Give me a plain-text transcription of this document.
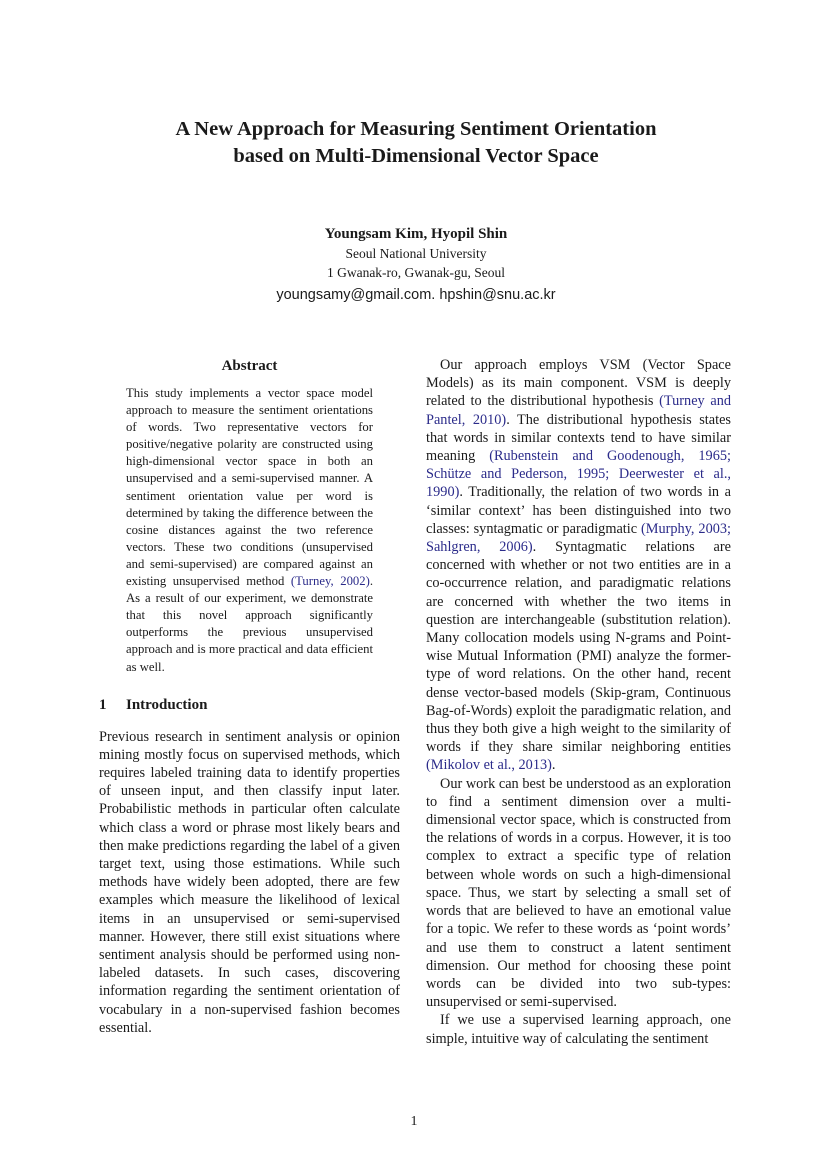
A New Approach for Measuring Sentiment Orientation
based on Multi-Dimensional Vector Space
Youngsam Kim, Hyopil Shin
Seoul National University
1 Gwanak-ro, Gwanak-gu, Seoul
youngsamy@gmail.com. hpshin@snu.ac.kr
Abstract

This study implements a vector space model approach to measure the sentiment orientations of words. Two representative vectors for positive/negative polarity are constructed using high-dimensional vector space in both an unsupervised and a semi-supervised manner. A sentiment orientation value per word is determined by taking the difference between the cosine distances against the two reference vectors. These two conditions (unsupervised and semi-supervised) are compared against an existing unsupervised method (Turney, 2002). As a result of our experiment, we demonstrate that this novel approach significantly outperforms the previous unsupervised approach and is more practical and data efficient as well.

1 Introduction

Previous research in sentiment analysis or opinion mining mostly focus on supervised methods, which requires labeled training data to identify properties of unseen input, and then classify input later. Probabilistic methods in particular often calculate which class a word or phrase most likely bears and then make predictions regarding the label of a given target text, using those estimations. While such methods have widely been adopted, there are few examples which measure the likelihood of lexical items in an unsupervised or semi-supervised manner. However, there still exist situations where sentiment analysis should be performed using non-labeled datasets. In such cases, discovering information regarding the sentiment orientation of vocabulary in a non-supervised fashion becomes essential.

Our approach employs VSM (Vector Space Models) as its main component. VSM is deeply related to the distributional hypothesis (Turney and Pantel, 2010). The distributional hypothesis states that words in similar contexts tend to have similar meaning (Rubenstein and Goodenough, 1965; Schütze and Pederson, 1995; Deerwester et al., 1990). Traditionally, the relation of two words in a ‘similar context’ has been distinguished into two classes: syntagmatic or paradigmatic (Murphy, 2003; Sahlgren, 2006). Syntagmatic relations are concerned with whether or not two entities are in a co-occurrence relation, and paradigmatic relations are concerned with whether the two items in question are interchangeable (substitution relation). Many collocation models using N-grams and Point-wise Mutual Information (PMI) analyze the former-type of word relations. On the other hand, recent dense vector-based models (Skip-gram, Continuous Bag-of-Words) exploit the paradigmatic relation, and thus they both give a high weight to the similarity of words if they share similar neighboring entities (Mikolov et al., 2013).

Our work can best be understood as an exploration to find a sentiment dimension over a multi-dimensional vector space, which is constructed from the relations of words in a corpus. However, it is too complex to extract a specific type of relation between whole words on such a high-dimensional space. Thus, we start by selecting a small set of words that are believed to have an emotional value for a topic. We refer to these words as ‘point words’ and use them to construct a latent sentiment dimension. Our method for choosing these point words can be divided into two sub-types: unsupervised or semi-supervised.

If we use a supervised learning approach, one simple, intuitive way of calculating the sentiment

1
